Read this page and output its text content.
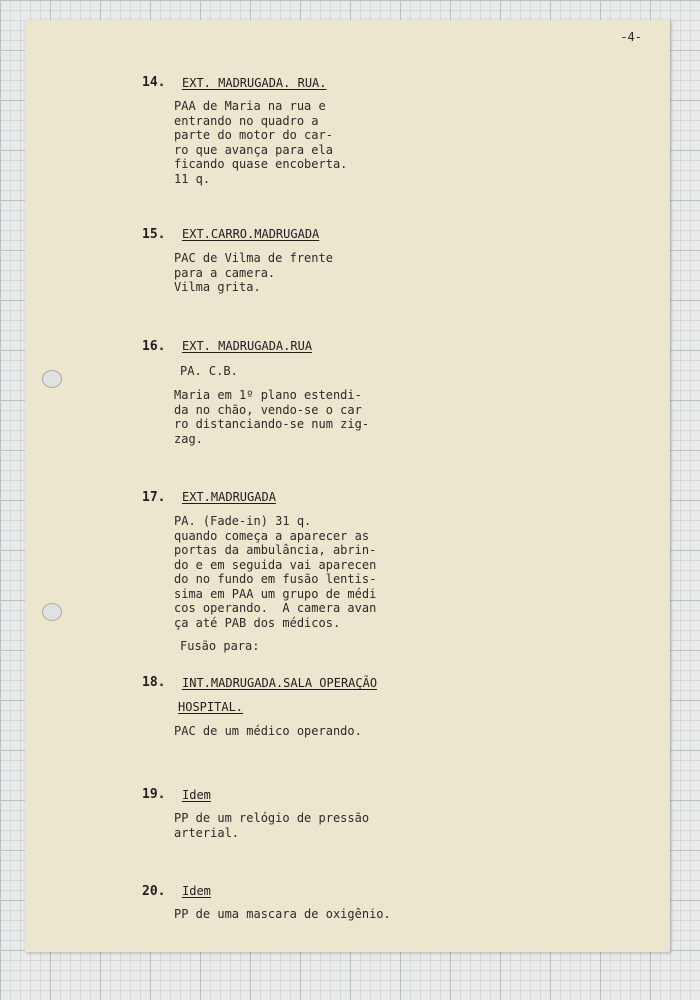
-4-
14. EXT. MADRUGADA. RUA.
PAA de Maria na rua e
entrando no quadro a
parte do motor do car-
ro que avança para ela
ficando quase encoberta.
11 q.
15. EXT.CARRO.MADRUGADA
PAC de Vilma de frente
para a camera.
Vilma grita.
16. EXT. MADRUGADA.RUA
PA. C.B.
Maria em 1º plano estendi-
da no chão, vendo-se o car
ro distanciando-se num zig-
zag.
17. EXT.MADRUGADA
PA. (Fade-in) 31 q.
quando começa a aparecer as
portas da ambulância, abrin-
do e em seguida vai aparecen
do no fundo em fusão lentis-
sima em PAA um grupo de médi
cos operando.  A camera avan
ça até PAB dos médicos.
Fusão para:
18. INT.MADRUGADA.SALA OPERAÇÃO
HOSPITAL.
PAC de um médico operando.
19. Idem
PP de um relógio de pressão
arterial.
20. Idem
PP de uma mascara de oxigênio.
